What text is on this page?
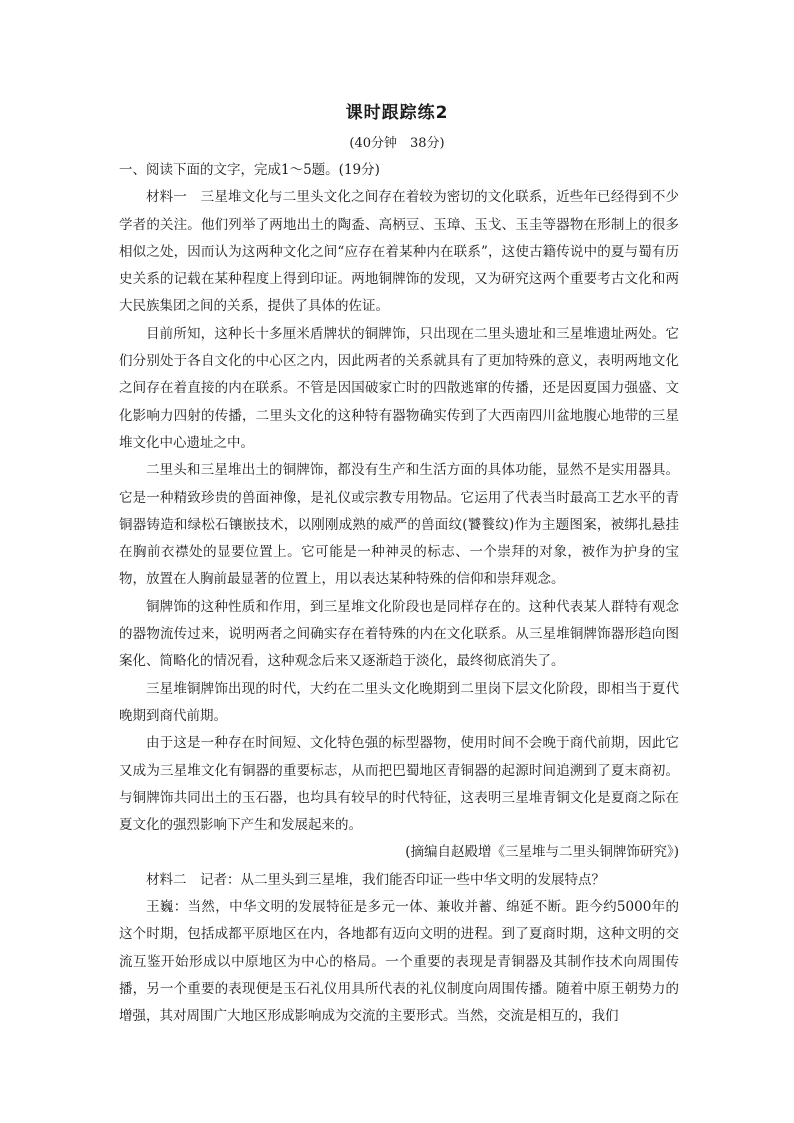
课时跟踪练2
(40分钟　38分)

一、阅读下面的文字，完成1～5题。(19分)

材料一　三星堆文化与二里头文化之间存在着较为密切的文化联系，近些年已经得到不少学者的关注。他们列举了两地出土的陶盉、高柄豆、玉璋、玉戈、玉圭等器物在形制上的很多相似之处，因而认为这两种文化之间“应存在着某种内在联系”，这使古籍传说中的夏与蜀有历史关系的记载在某种程度上得到印证。两地铜牌饰的发现，又为研究这两个重要考古文化和两大民族集团之间的关系，提供了具体的佐证。

目前所知，这种长十多厘米盾牌状的铜牌饰，只出现在二里头遗址和三星堆遗址两处。它们分别处于各自文化的中心区之内，因此两者的关系就具有了更加特殊的意义，表明两地文化之间存在着直接的内在联系。不管是因国破家亡时的四散逃窜的传播，还是因夏国力强盛、文化影响力四射的传播，二里头文化的这种特有器物确实传到了大西南四川盆地腹心地带的三星堆文化中心遗址之中。

二里头和三星堆出土的铜牌饰，都没有生产和生活方面的具体功能，显然不是实用器具。它是一种精致珍贵的兽面神像，是礼仪或宗教专用物品。它运用了代表当时最高工艺水平的青铜器铸造和绿松石镶嵌技术，以刚刚成熟的威严的兽面纹(饕餮纹)作为主题图案，被绑扎悬挂在胸前衣襟处的显要位置上。它可能是一种神灵的标志、一个崇拜的对象，被作为护身的宝物，放置在人胸前最显著的位置上，用以表达某种特殊的信仰和崇拜观念。

铜牌饰的这种性质和作用，到三星堆文化阶段也是同样存在的。这种代表某人群特有观念的器物流传过来，说明两者之间确实存在着特殊的内在文化联系。从三星堆铜牌饰器形趋向图案化、简略化的情况看，这种观念后来又逐渐趋于淡化，最终彻底消失了。

三星堆铜牌饰出现的时代，大约在二里头文化晚期到二里岗下层文化阶段，即相当于夏代晚期到商代前期。

由于这是一种存在时间短、文化特色强的标型器物，使用时间不会晚于商代前期，因此它又成为三星堆文化有铜器的重要标志，从而把巴蜀地区青铜器的起源时间追溯到了夏末商初。与铜牌饰共同出土的玉石器，也均具有较早的时代特征，这表明三星堆青铜文化是夏商之际在夏文化的强烈影响下产生和发展起来的。

(摘编自赵殿增《三星堆与二里头铜牌饰研究》)

材料二　记者：从二里头到三星堆，我们能否印证一些中华文明的发展特点？

王巍：当然，中华文明的发展特征是多元一体、兼收并蓄、绵延不断。距今约5000年的这个时期，包括成都平原地区在内，各地都有迈向文明的进程。到了夏商时期，这种文明的交流互鉴开始形成以中原地区为中心的格局。一个重要的表现是青铜器及其制作技术向周围传播，另一个重要的表现便是玉石礼仪用具所代表的礼仪制度向周围传播。随着中原王朝势力的增强，其对周围广大地区形成影响成为交流的主要形式。当然，交流是相互的，我们
